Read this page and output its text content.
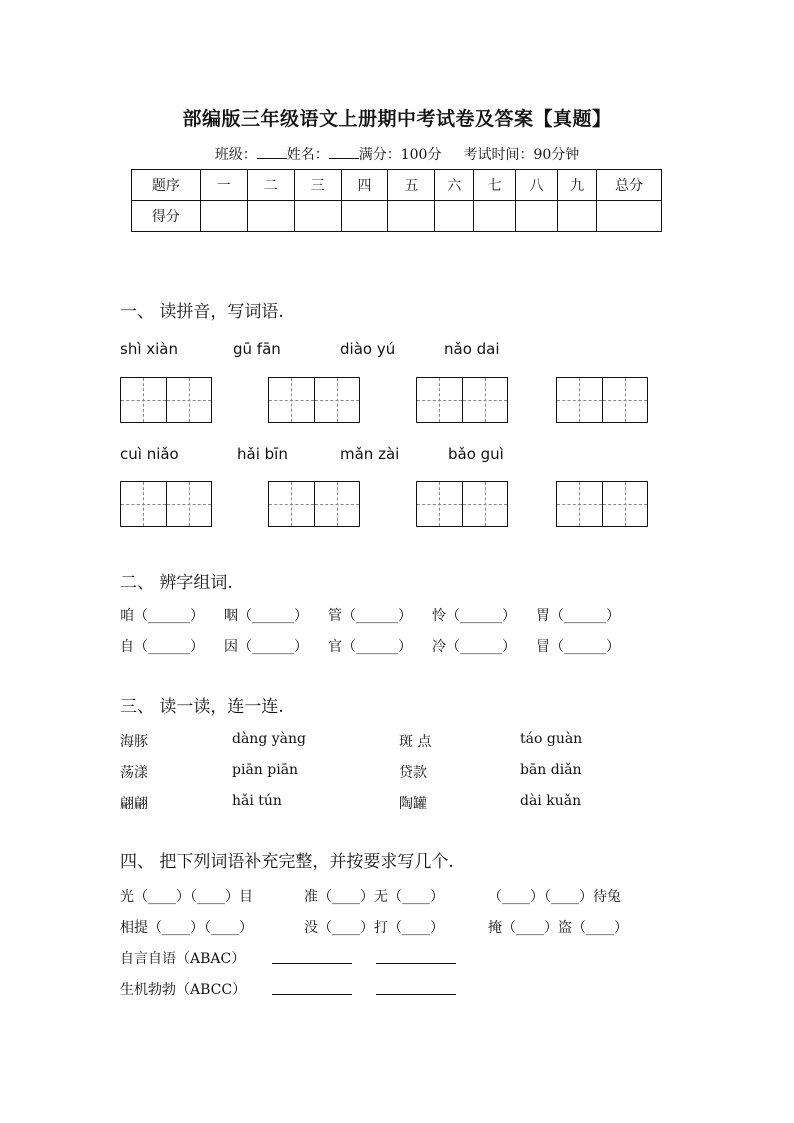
部编版三年级语文上册期中考试卷及答案【真题】
班级： 姓名： 满分：100分 考试时间：90分钟
题序	一	二	三	四	五	六	七	八	九	总分
得分										
一、 读拼音，写词语.
shì xiàn	gū fān	diào yú	nǎo dai
cuì niǎo	hǎi bīn	mǎn zài	bǎo guì
二、 辨字组词.
咱（______） 咽（______） 管（______） 怜（______） 胃（______）
自（______） 因（______） 官（______） 冷（______） 冒（______）
三、 读一读，连一连.
海豚	dàng yàng	斑 点	táo guàn
荡漾	piān piān	贷款	bān diǎn
翩翩	hǎi tún	陶罐	dài kuǎn
四、 把下列词语补充完整，并按要求写几个.
光（____）（____）目	准（____）无（____）	（____）（____）待兔
相提（____）（____）	没（____）打（____）	掩（____）盗（____）
自言自语（ABAC）
生机勃勃（ABCC）
